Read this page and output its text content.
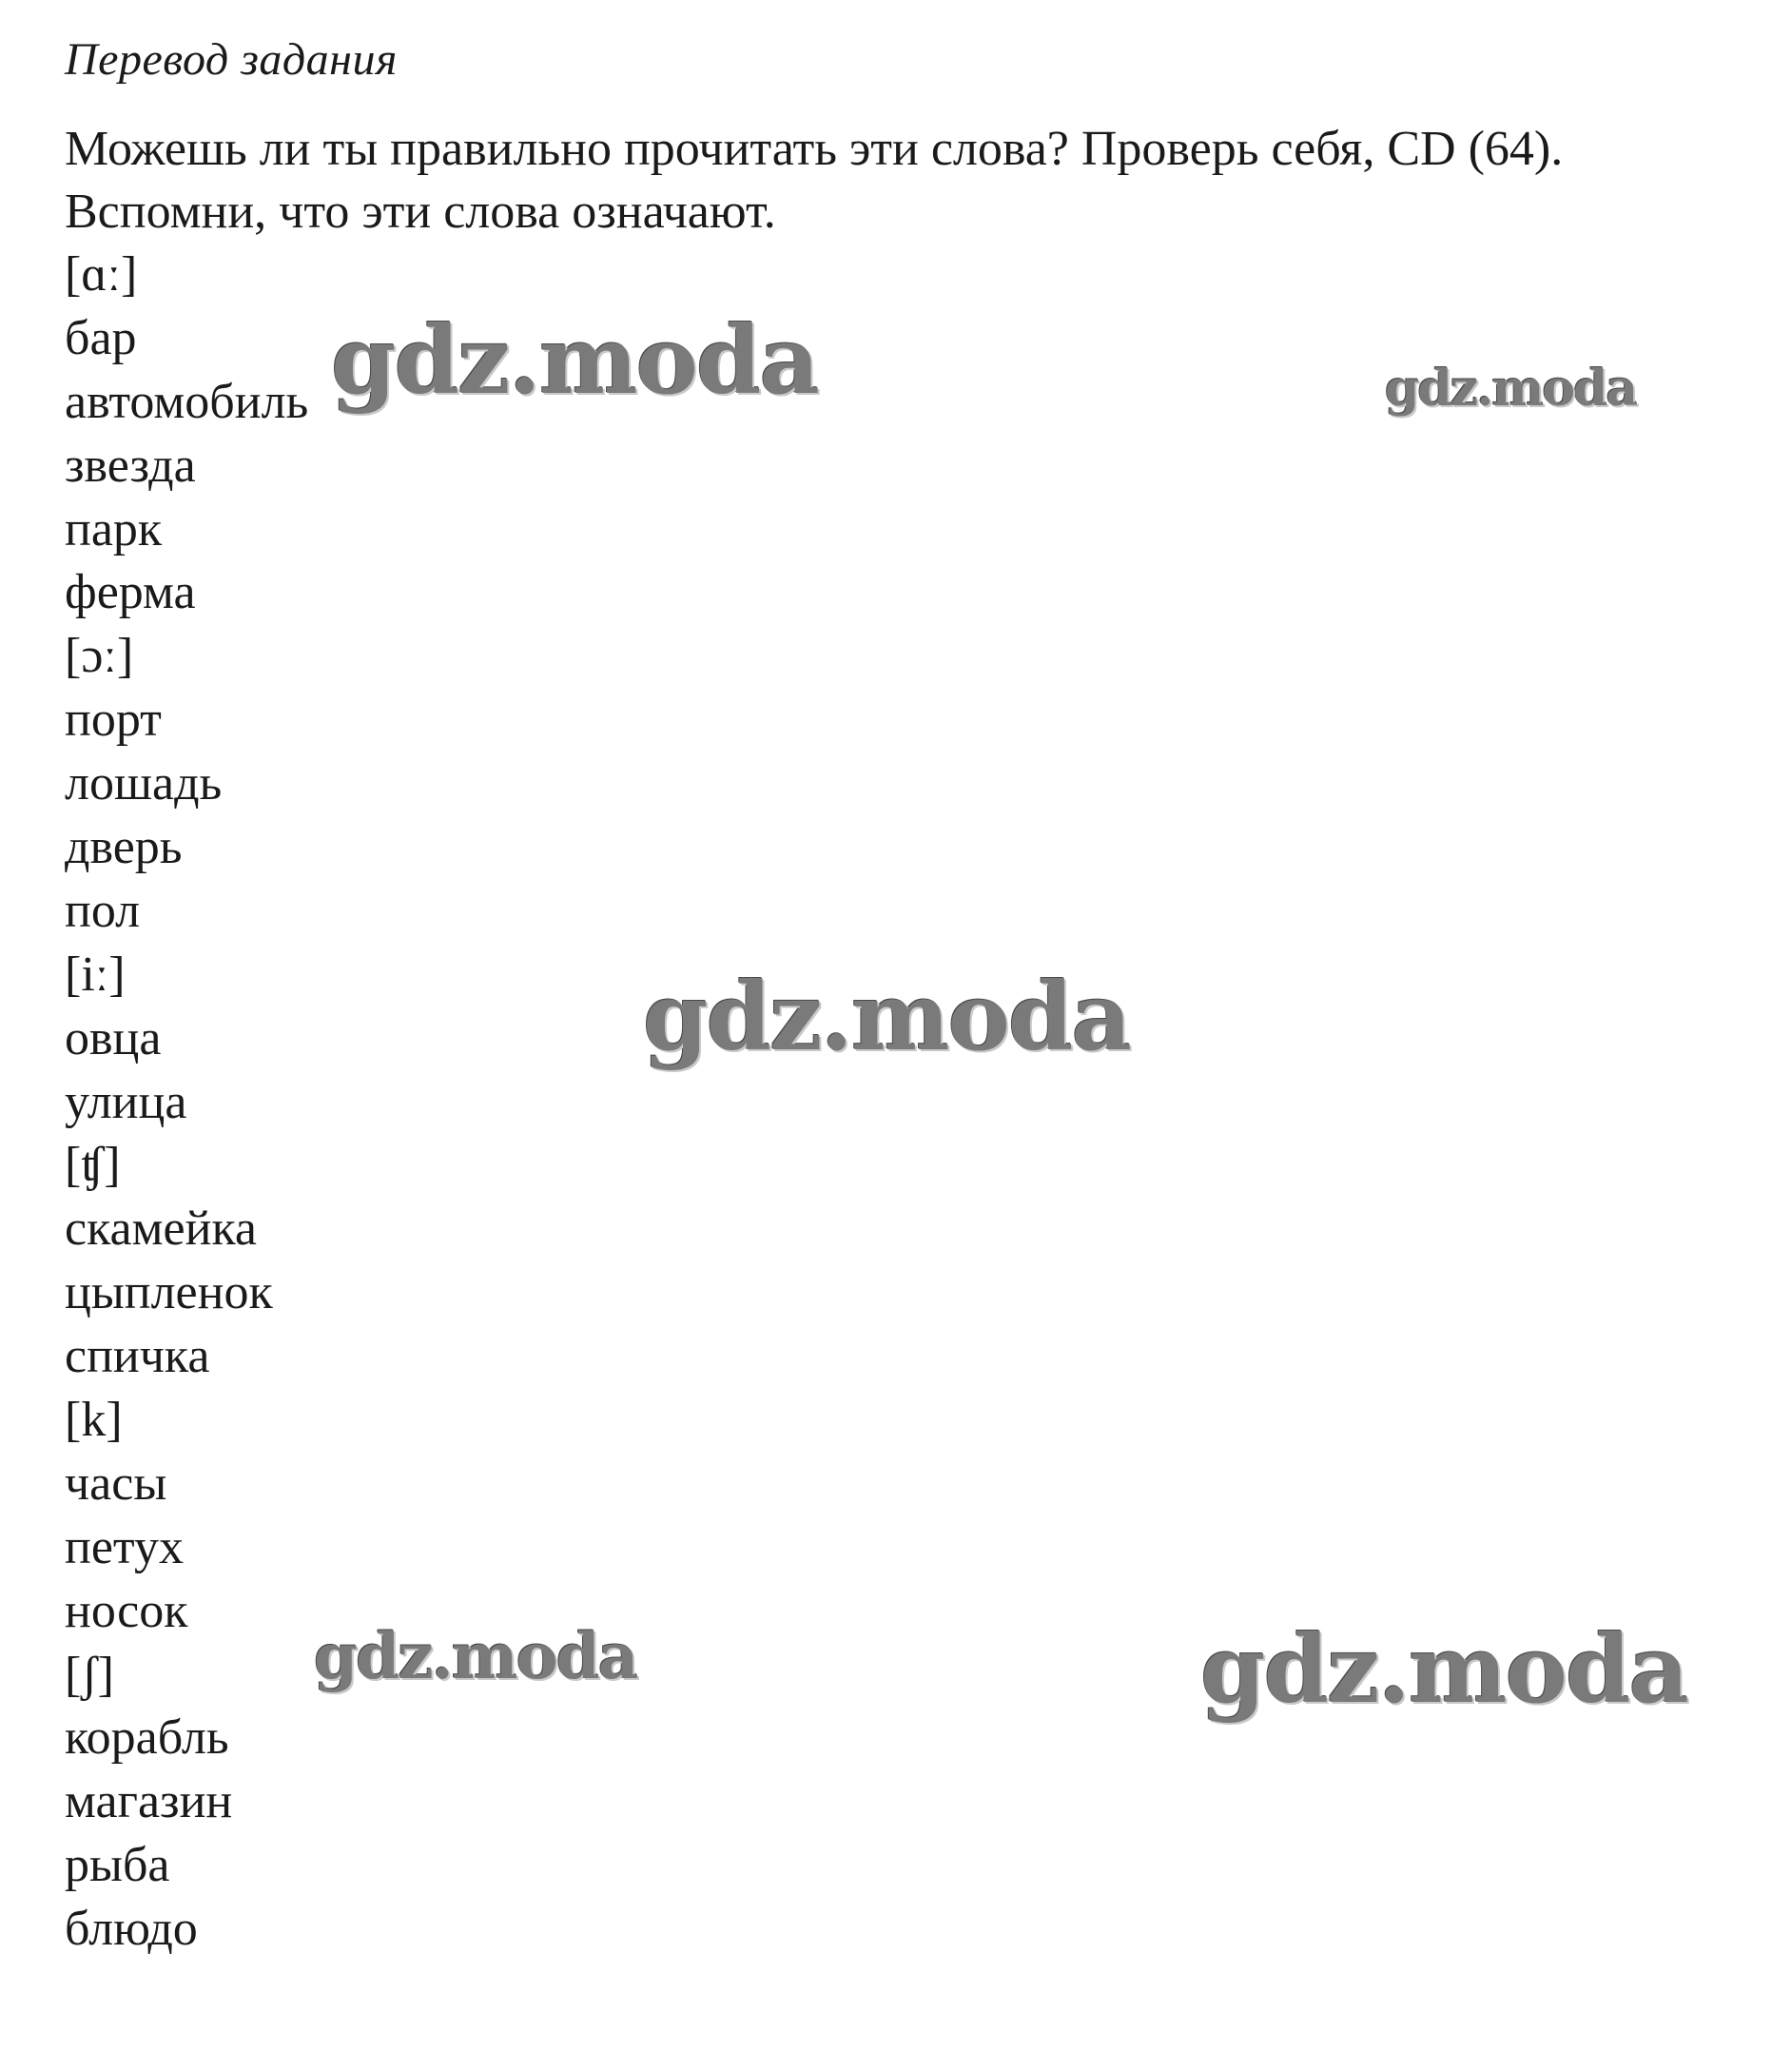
Перевод задания

Можешь ли ты правильно прочитать эти слова? Проверь себя, CD (64).

Вспомни, что эти слова означают.

[ɑː]
бар
автомобиль
звезда
парк
ферма
[ɔː]
порт
лошадь
дверь
пол
[iː]
овца
улица
[ʧ]
скамейка
цыпленок
спичка
[k]
часы
петух
носок
[ʃ]
корабль
магазин
рыба
блюдо
gdz.moda	gdz.moda
gdz.moda
gdz.moda	gdz.moda
